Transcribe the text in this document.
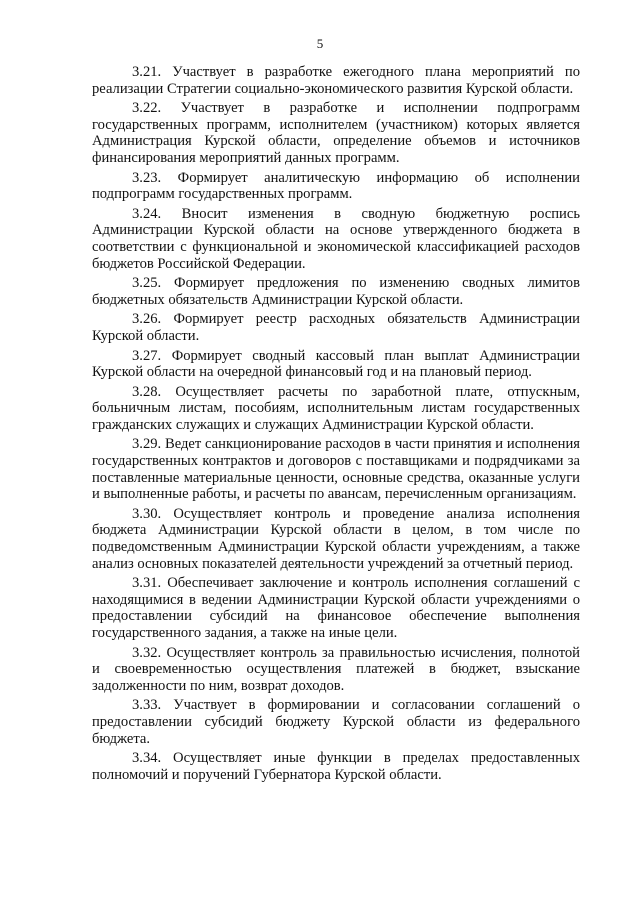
5

3.21. Участвует в разработке ежегодного плана мероприятий по реализации Стратегии социально-экономического развития Курской области.

3.22. Участвует в разработке и исполнении подпрограмм государственных программ, исполнителем (участником) которых является Администрация Курской области, определение объемов и источников финансирования мероприятий данных программ.

3.23. Формирует аналитическую информацию об исполнении подпрограмм государственных программ.

3.24. Вносит изменения в сводную бюджетную роспись Администрации Курской области на основе утвержденного бюджета в соответствии с функциональной и экономической классификацией расходов бюджетов Российской Федерации.

3.25. Формирует предложения по изменению сводных лимитов бюджетных обязательств Администрации Курской области.

3.26. Формирует реестр расходных обязательств Администрации Курской области.

3.27. Формирует сводный кассовый план выплат Администрации Курской области на очередной финансовый год и на плановый период.

3.28. Осуществляет расчеты по заработной плате, отпускным, больничным листам, пособиям, исполнительным листам государственных гражданских служащих и служащих Администрации Курской области.

3.29. Ведет санкционирование расходов в части принятия и исполнения государственных контрактов и договоров с поставщиками и подрядчиками за поставленные материальные ценности, основные средства, оказанные услуги и выполненные работы, и расчеты по авансам, перечисленным организациям.

3.30. Осуществляет контроль и проведение анализа исполнения бюджета Администрации Курской области в целом, в том числе по подведомственным Администрации Курской области учреждениям, а также анализ основных показателей деятельности учреждений за отчетный период.

3.31. Обеспечивает заключение и контроль исполнения соглашений с находящимися в ведении Администрации Курской области учреждениями о предоставлении субсидий на финансовое обеспечение выполнения государственного задания, а также на иные цели.

3.32. Осуществляет контроль за правильностью исчисления, полнотой и своевременностью осуществления платежей в бюджет, взыскание задолженности по ним, возврат доходов.

3.33. Участвует в формировании и согласовании соглашений о предоставлении субсидий бюджету Курской области из федерального бюджета.

3.34. Осуществляет иные функции в пределах предоставленных полномочий и поручений Губернатора Курской области.
